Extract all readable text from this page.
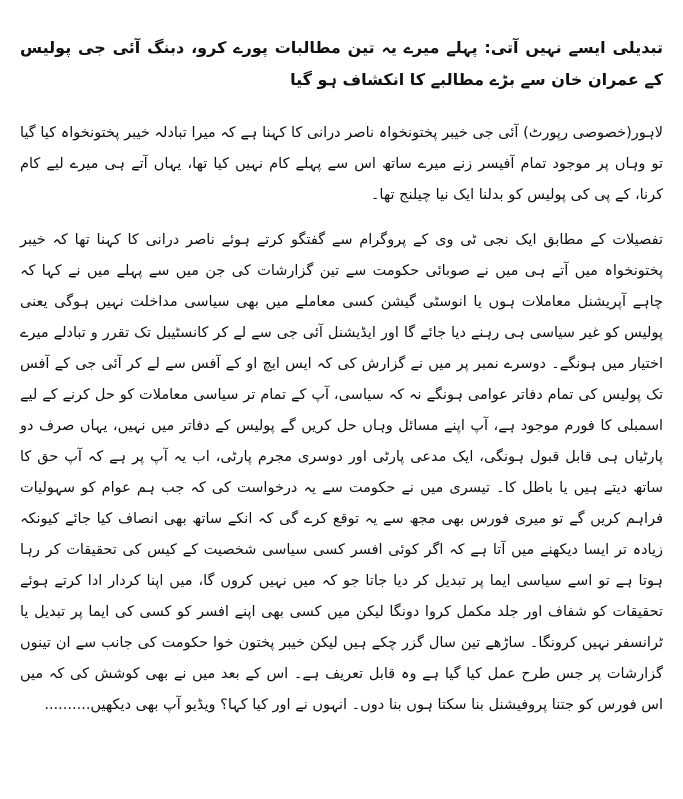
تبدیلی ایسے نہیں آتی: پہلے میرے یہ تین مطالبات پورے کرو، دبنگ آئی جی پولیس کے عمران خان سے بڑے مطالبے کا انکشاف ہو گیا

لاہور(خصوصی رپورٹ) آئی جی خیبر پختونخواہ ناصر درانی کا کہنا ہے کہ میرا تبادلہ خیبر پختونخواہ کیا گیا تو وہاں پر موجود تمام آفیسر زنے میرے ساتھ اس سے پہلے کام نہیں کیا تھا، یہاں آتے ہی میرے لیے کام کرنا، کے پی کی پولیس کو بدلنا ایک نیا چیلنج تھا۔

تفصیلات کے مطابق ایک نجی ٹی وی کے پروگرام سے گفتگو کرتے ہوئے ناصر درانی کا کہنا تھا کہ خیبر پختونخواہ میں آتے ہی میں نے صوبائی حکومت سے تین گزارشات کی جن میں سے پہلے میں نے کہا کہ چاہے آپریشنل معاملات ہوں یا انوسٹی گیشن کسی معاملے میں بھی سیاسی مداخلت نہیں ہوگی یعنی پولیس کو غیر سیاسی ہی رہنے دیا جائے گا اور ایڈیشنل آئی جی سے لے کر کانسٹیبل تک تقرر و تبادلے میرے اختیار میں ہونگے۔ دوسرے نمبر پر میں نے گزارش کی کہ ایس ایچ او کے آفس سے لے کر آئی جی کے آفس تک پولیس کی تمام دفاتر عوامی ہونگے نہ کہ سیاسی، آپ کے تمام تر سیاسی معاملات کو حل کرنے کے لیے اسمبلی کا فورم موجود ہے، آپ اپنے مسائل وہاں حل کریں گے پولیس کے دفاتر میں نہیں، یہاں صرف دو پارٹیاں ہی قابل قبول ہونگی، ایک مدعی پارٹی اور دوسری مجرم پارٹی، اب یہ آپ پر ہے کہ آپ حق کا ساتھ دیتے ہیں یا باطل کا۔ تیسری میں نے حکومت سے یہ درخواست کی کہ جب ہم عوام کو سہولیات فراہم کریں گے تو میری فورس بھی مجھ سے یہ توقع کرے گی کہ انکے ساتھ بھی انصاف کیا جائے کیونکہ زیادہ تر ایسا دیکھنے میں آتا ہے کہ اگر کوئی افسر کسی سیاسی شخصیت کے کیس کی تحقیقات کر رہا ہوتا ہے تو اسے سیاسی ایما پر تبدیل کر دیا جاتا جو کہ میں نہیں کروں گا، میں اپنا کردار ادا کرتے ہوئے تحقیقات کو شفاف اور جلد مکمل کروا دونگا لیکن میں کسی بھی اپنے افسر کو کسی کی ایما پر تبدیل یا ٹرانسفر نہیں کرونگا۔ ساڑھے تین سال گزر چکے ہیں لیکن خیبر پختون خوا حکومت کی جانب سے ان تینوں گزارشات پر جس طرح عمل کیا گیا ہے وہ قابل تعریف ہے۔ اس کے بعد میں نے بھی کوشش کی کہ میں اس فورس کو جتنا پروفیشنل بنا سکتا ہوں بنا دوں۔ انہوں نے اور کیا کہا؟ ویڈیو آپ بھی دیکھیں..........
